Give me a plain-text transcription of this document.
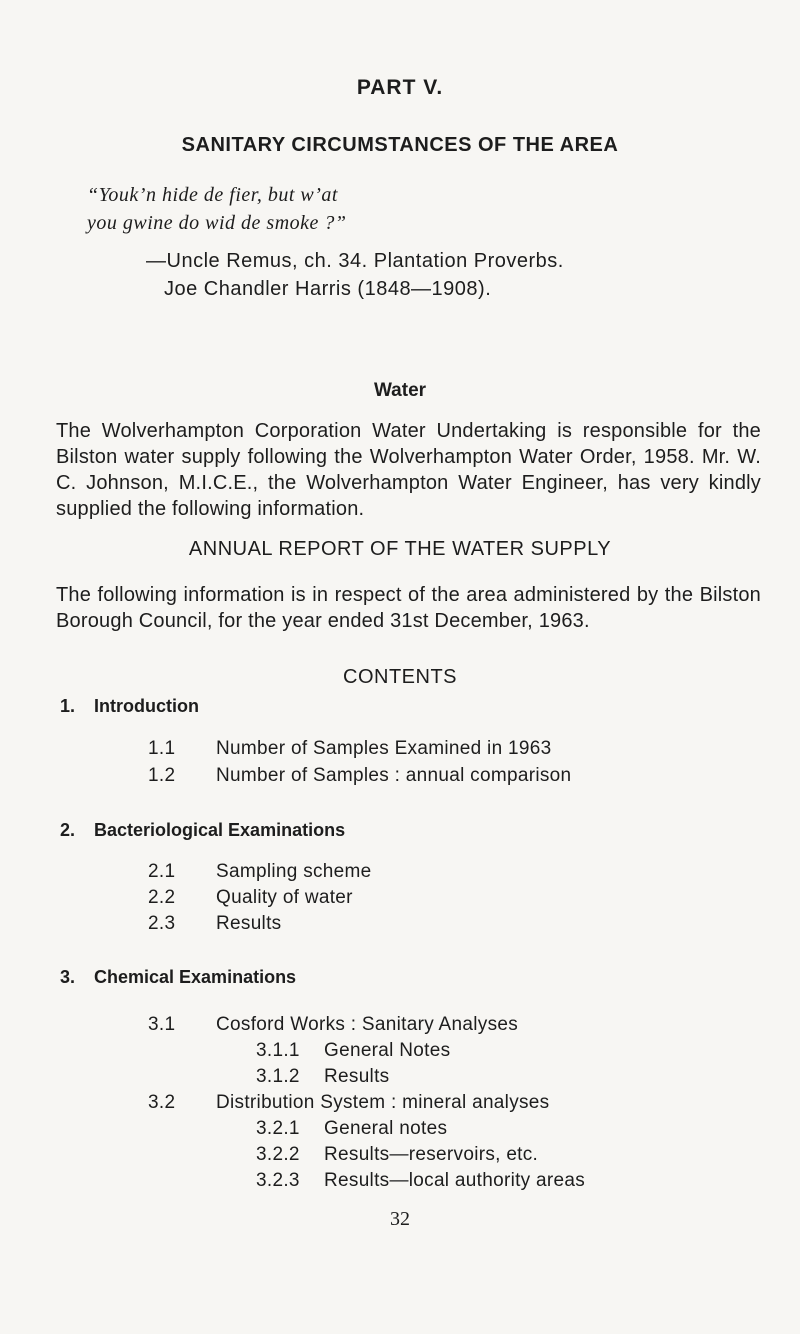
PART V.
SANITARY CIRCUMSTANCES OF THE AREA
“Youk’n hide de fier, but w’at
you gwine do wid de smoke ?”
—Uncle Remus, ch. 34. Plantation Proverbs.
Joe Chandler Harris (1848—1908).
Water

The Wolverhampton Corporation Water Undertaking is responsible for the Bilston water supply following the Wolverhampton Water Order, 1958. Mr. W. C. Johnson, M.I.C.E., the Wolverhampton Water Engineer, has very kindly supplied the following information.

ANNUAL REPORT OF THE WATER SUPPLY

The following information is in respect of the area administered by the Bilston Borough Council, for the year ended 31st December, 1963.

CONTENTS
1. Introduction
1.1 Number of Samples Examined in 1963
1.2 Number of Samples : annual comparison
2. Bacteriological Examinations
2.1 Sampling scheme
2.2 Quality of water
2.3 Results
3. Chemical Examinations
3.1 Cosford Works : Sanitary Analyses
3.1.1 General Notes
3.1.2 Results
3.2 Distribution System : mineral analyses
3.2.1 General notes
3.2.2 Results—reservoirs, etc.
3.2.3 Results—local authority areas
32
